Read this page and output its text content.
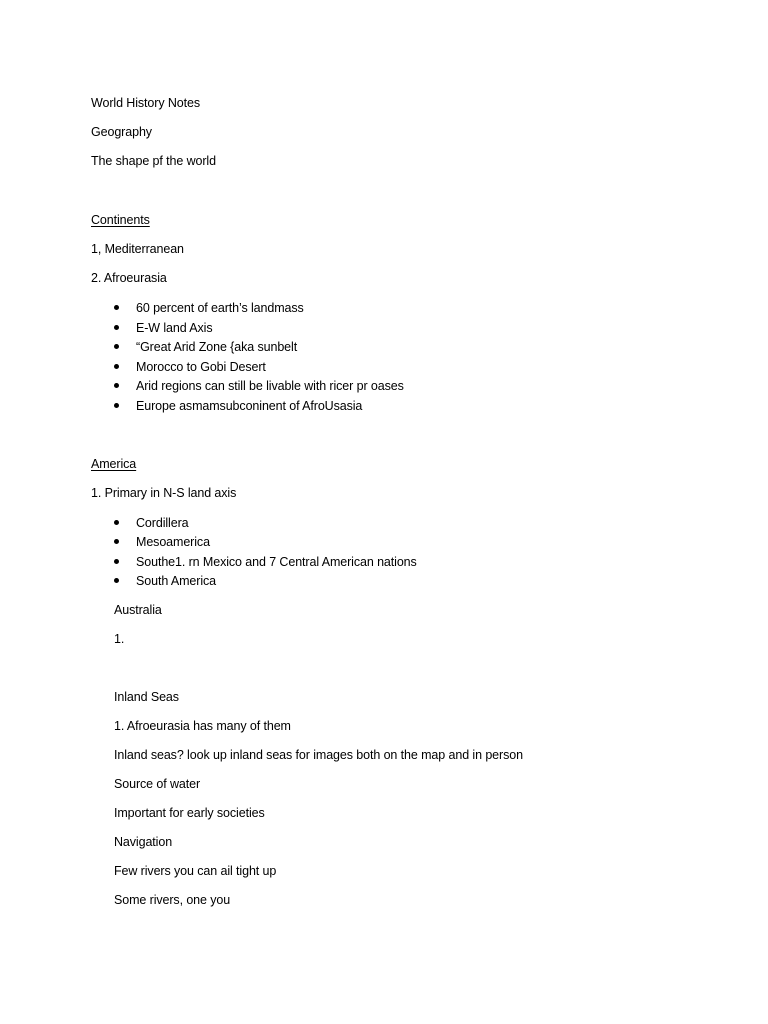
World History Notes
Geography
The shape pf the world
Continents
1, Mediterranean
2. Afroeurasia
60 percent of earth’s landmass
E-W land Axis
“Great Arid Zone {aka sunbelt
Morocco to Gobi Desert
Arid regions can still be livable with ricer pr oases
Europe asmamsubconinent of AfroUsasia
America
1. Primary in N-S land axis
Cordillera
Mesoamerica
Southe1. rn Mexico and 7 Central American nations
South America
Australia
1.
Inland Seas
1. Afroeurasia has many of them
Inland seas? look up inland seas for images both on the map and in person
Source of water
Important for early societies
Navigation
Few rivers you can ail tight up
Some rivers, one you
